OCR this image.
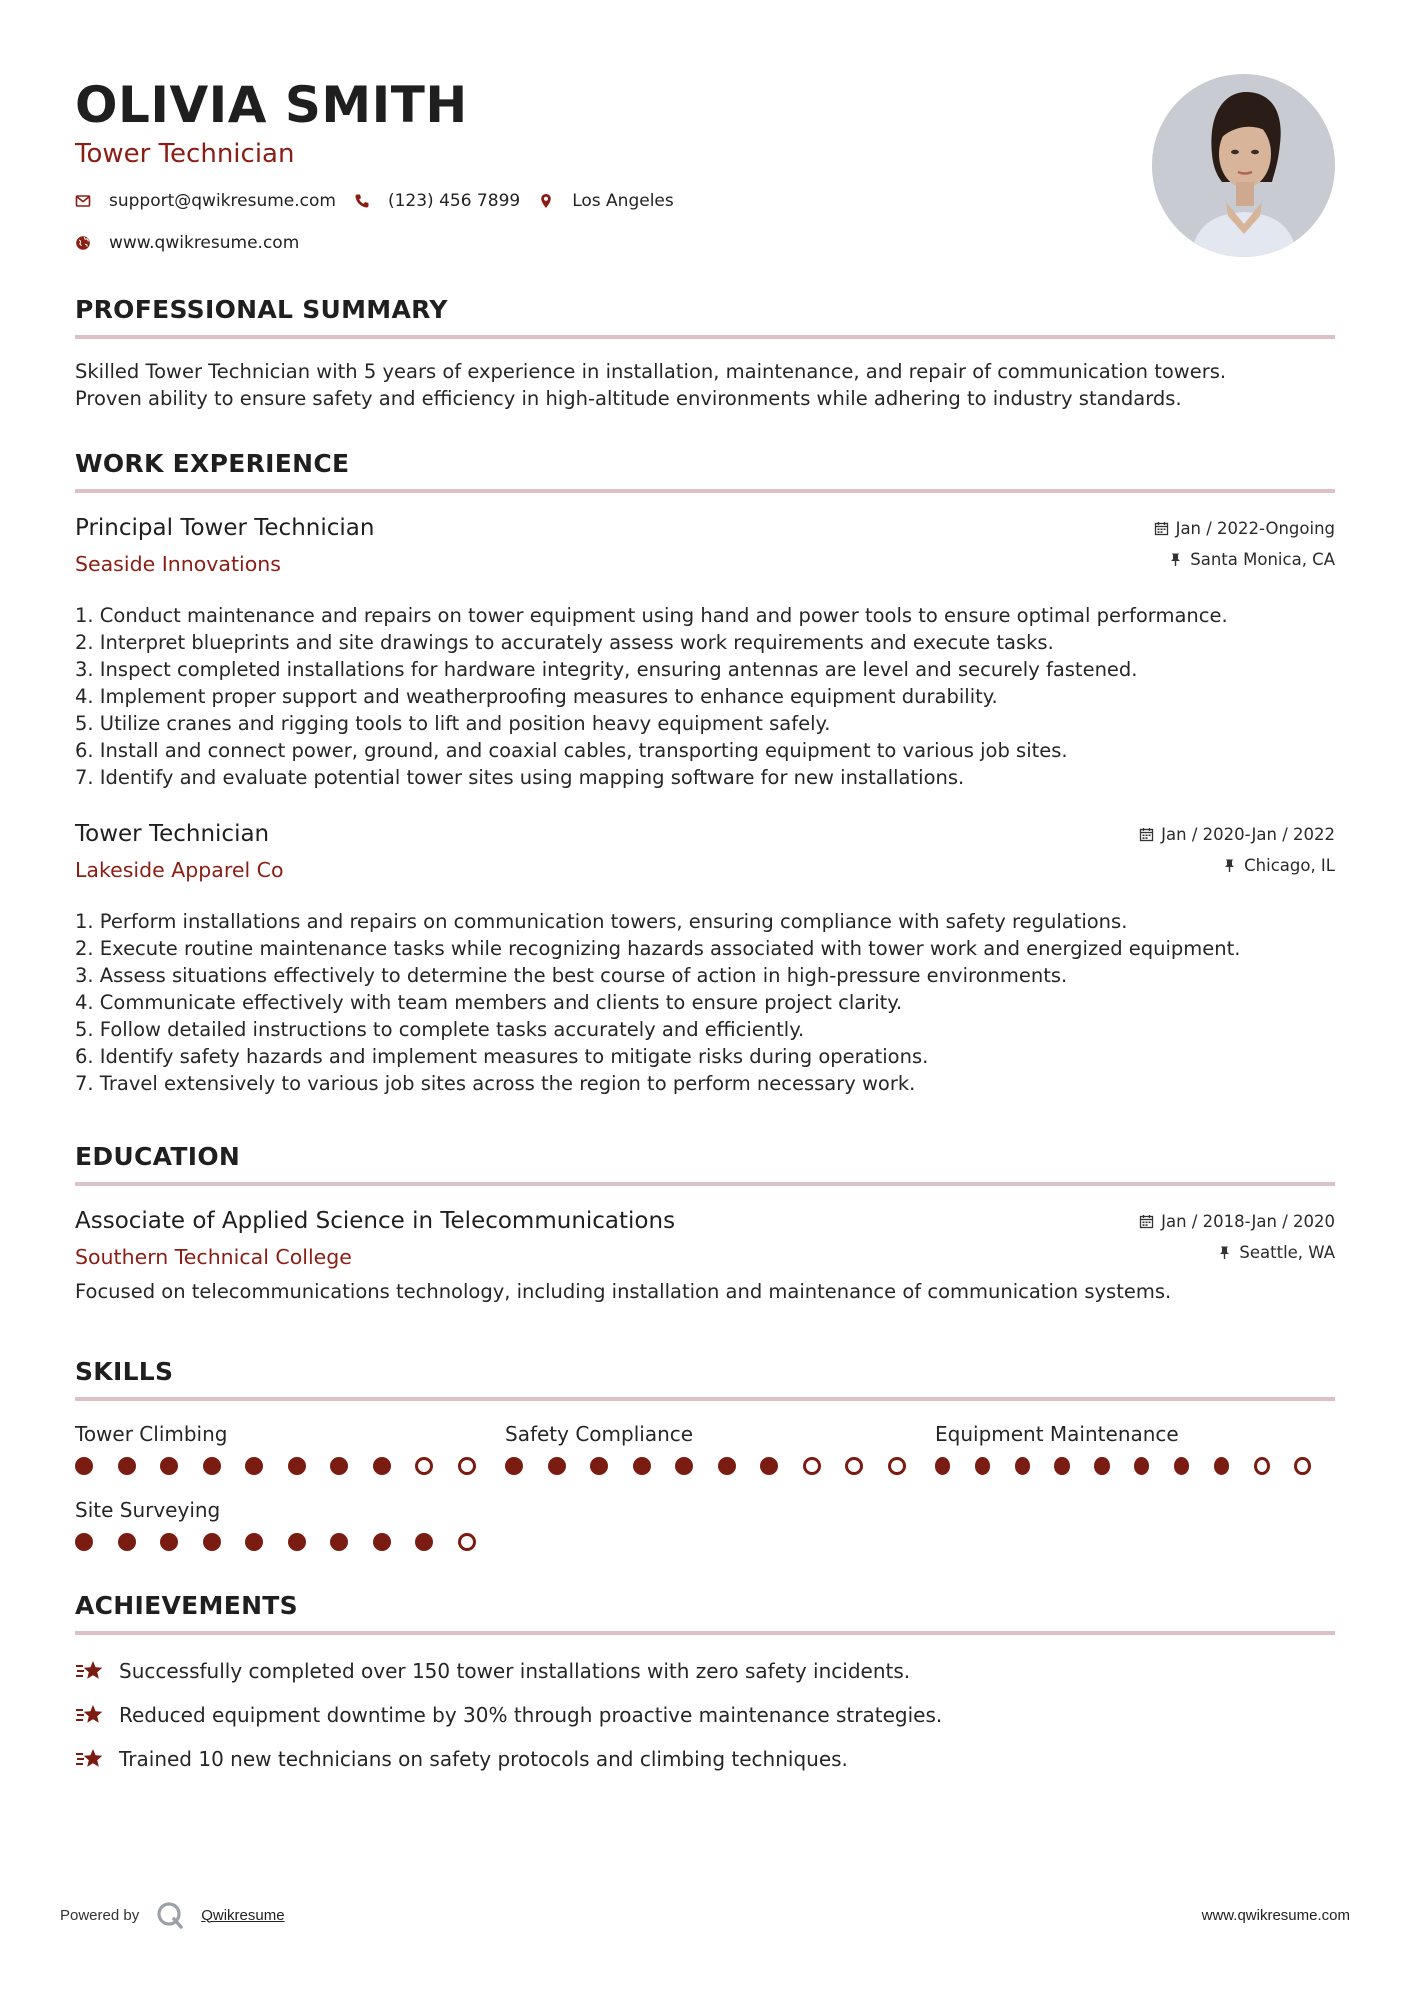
OLIVIA SMITH
Tower Technician
support@qwikresume.com	(123) 456 7899	Los Angeles
www.qwikresume.com
PROFESSIONAL SUMMARY
Skilled Tower Technician with 5 years of experience in installation, maintenance, and repair of communication towers.
Proven ability to ensure safety and efficiency in high-altitude environments while adhering to industry standards.
WORK EXPERIENCE
Principal Tower Technician
Seaside Innovations
Jan / 2022-Ongoing
Santa Monica, CA
1. Conduct maintenance and repairs on tower equipment using hand and power tools to ensure optimal performance.
2. Interpret blueprints and site drawings to accurately assess work requirements and execute tasks.
3. Inspect completed installations for hardware integrity, ensuring antennas are level and securely fastened.
4. Implement proper support and weatherproofing measures to enhance equipment durability.
5. Utilize cranes and rigging tools to lift and position heavy equipment safely.
6. Install and connect power, ground, and coaxial cables, transporting equipment to various job sites.
7. Identify and evaluate potential tower sites using mapping software for new installations.
Tower Technician
Lakeside Apparel Co
Jan / 2020-Jan / 2022
Chicago, IL
1. Perform installations and repairs on communication towers, ensuring compliance with safety regulations.
2. Execute routine maintenance tasks while recognizing hazards associated with tower work and energized equipment.
3. Assess situations effectively to determine the best course of action in high-pressure environments.
4. Communicate effectively with team members and clients to ensure project clarity.
5. Follow detailed instructions to complete tasks accurately and efficiently.
6. Identify safety hazards and implement measures to mitigate risks during operations.
7. Travel extensively to various job sites across the region to perform necessary work.
EDUCATION
Associate of Applied Science in Telecommunications
Southern Technical College
Jan / 2018-Jan / 2020
Seattle, WA
Focused on telecommunications technology, including installation and maintenance of communication systems.
SKILLS
Tower Climbing	Safety Compliance	Equipment Maintenance
Site Surveying
ACHIEVEMENTS
Successfully completed over 150 tower installations with zero safety incidents.
Reduced equipment downtime by 30% through proactive maintenance strategies.
Trained 10 new technicians on safety protocols and climbing techniques.
Powered by	Qwikresume	www.qwikresume.com
